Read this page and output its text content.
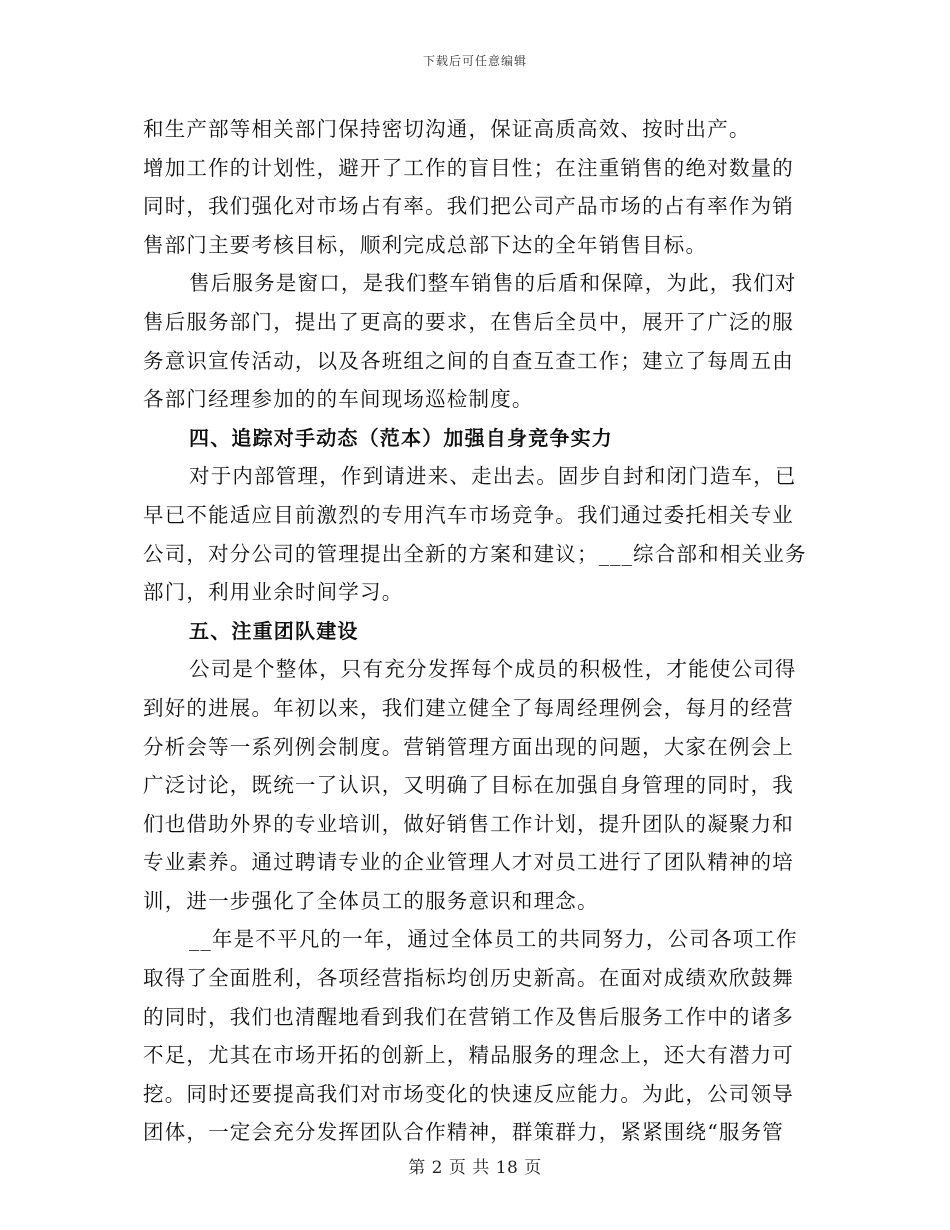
下载后可任意编辑
和生产部等相关部门保持密切沟通，保证高质高效、按时出产。
增加工作的计划性，避开了工作的盲目性；在注重销售的绝对数量的
同时，我们强化对市场占有率。我们把公司产品市场的占有率作为销
售部门主要考核目标，顺利完成总部下达的全年销售目标。
售后服务是窗口，是我们整车销售的后盾和保障，为此，我们对
售后服务部门，提出了更高的要求，在售后全员中，展开了广泛的服
务意识宣传活动，以及各班组之间的自查互查工作；建立了每周五由
各部门经理参加的的车间现场巡检制度。
四、追踪对手动态（范本）加强自身竞争实力
对于内部管理，作到请进来、走出去。固步自封和闭门造车，已
早已不能适应目前激烈的专用汽车市场竞争。我们通过委托相关专业
公司，对分公司的管理提出全新的方案和建议；___综合部和相关业务
部门，利用业余时间学习。
五、注重团队建设
公司是个整体，只有充分发挥每个成员的积极性，才能使公司得
到好的进展。年初以来，我们建立健全了每周经理例会，每月的经营
分析会等一系列例会制度。营销管理方面出现的问题，大家在例会上
广泛讨论，既统一了认识，又明确了目标在加强自身管理的同时，我
们也借助外界的专业培训，做好销售工作计划，提升团队的凝聚力和
专业素养。通过聘请专业的企业管理人才对员工进行了团队精神的培
训，进一步强化了全体员工的服务意识和理念。
__年是不平凡的一年，通过全体员工的共同努力，公司各项工作
取得了全面胜利，各项经营指标均创历史新高。在面对成绩欢欣鼓舞
的同时，我们也清醒地看到我们在营销工作及售后服务工作中的诸多
不足，尤其在市场开拓的创新上，精品服务的理念上，还大有潜力可
挖。同时还要提高我们对市场变化的快速反应能力。为此，公司领导
团体，一定会充分发挥团队合作精神，群策群力，紧紧围绕“服务管
第 2 页 共 18 页
